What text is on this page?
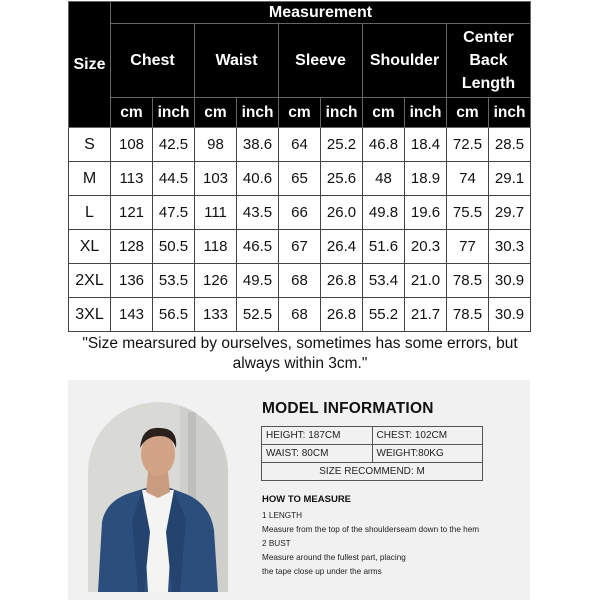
Size	Measurement									
	Chest		Waist		Sleeve		Shoulder		Center
Back
Length	
	cm	inch	cm	inch	cm	inch	cm	inch	cm	inch
S	108	42.5	98	38.6	64	25.2	46.8	18.4	72.5	28.5
M	113	44.5	103	40.6	65	25.6	48	18.9	74	29.1
L	121	47.5	111	43.5	66	26.0	49.8	19.6	75.5	29.7
XL	128	50.5	118	46.5	67	26.4	51.6	20.3	77	30.3
2XL	136	53.5	126	49.5	68	26.8	53.4	21.0	78.5	30.9
3XL	143	56.5	133	52.5	68	26.8	55.2	21.7	78.5	30.9
"Size mearsured by ourselves, sometimes has some errors, but always within 3cm."
MODEL INFORMATION
HEIGHT: 187CM	CHEST: 102CM
WAIST: 80CM	WEIGHT:80KG
SIZE RECOMMEND: M	
HOW TO MEASURE
1 LENGTH
Measure from the top of the shoulderseam down to the hem
2 BUST
Measure around the fullest part, placing
the tape close up under the arms
